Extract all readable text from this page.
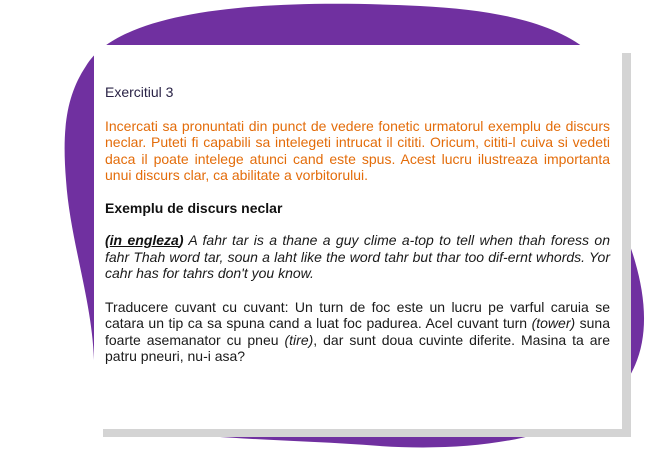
Exercitiul 3

Incercati sa pronuntati din punct de vedere fonetic urmatorul exemplu de discurs neclar. Puteti fi capabili sa intelegeti intrucat il cititi. Oricum, cititi-l cuiva si vedeti daca il poate intelege atunci cand este spus. Acest lucru ilustreaza importanta unui discurs clar, ca abilitate a vorbitorului.

Exemplu de discurs neclar

(in engleza) A fahr tar is a thane a guy clime a-top to tell when thah foress on fahr Thah word tar, soun a laht like the word tahr but thar too dif-ernt whords. Yor cahr has for tahrs don't you know.

Traducere cuvant cu cuvant: Un turn de foc este un lucru pe varful caruia se catara un tip ca sa spuna cand a luat foc padurea. Acel cuvant turn (tower) suna foarte asemanator cu pneu (tire), dar sunt doua cuvinte diferite. Masina ta are patru pneuri, nu-i asa?
